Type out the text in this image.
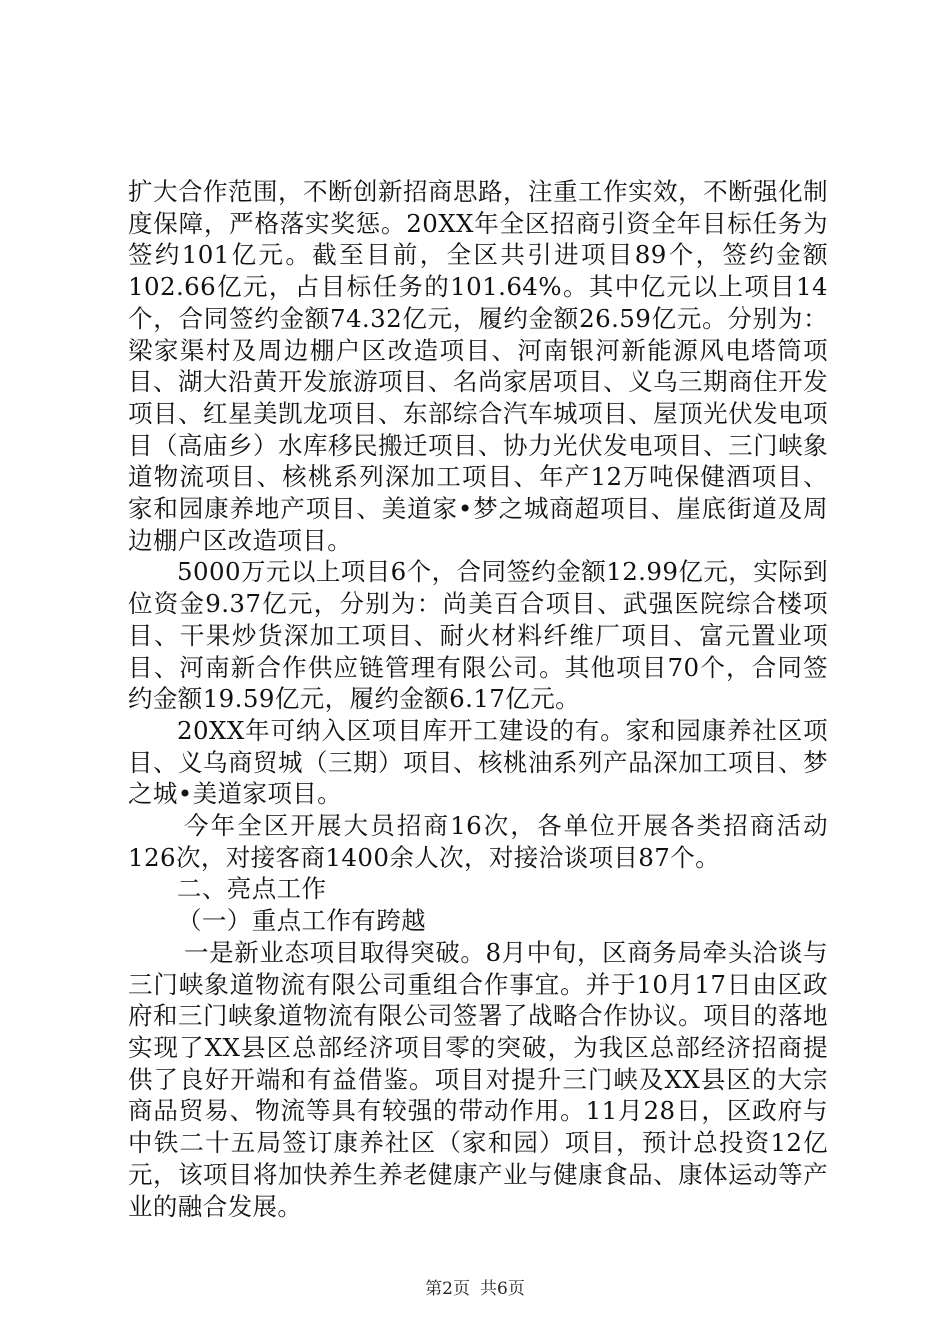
扩大合作范围，不断创新招商思路，注重工作实效，不断强化制度保障，严格落实奖惩。20XX年全区招商引资全年目标任务为签约101亿元。截至目前，全区共引进项目89个，签约金额102.66亿元，占目标任务的101.64%。其中亿元以上项目14个，合同签约金额74.32亿元，履约金额26.59亿元。分别为：梁家渠村及周边棚户区改造项目、河南银河新能源风电塔筒项目、湖大沿黄开发旅游项目、名尚家居项目、义乌三期商住开发项目、红星美凯龙项目、东部综合汽车城项目、屋顶光伏发电项目（高庙乡）水库移民搬迁项目、协力光伏发电项目、三门峡象道物流项目、核桃系列深加工项目、年产12万吨保健酒项目、家和园康养地产项目、美道家•梦之城商超项目、崖底街道及周边棚户区改造项目。

5000万元以上项目6个，合同签约金额12.99亿元，实际到位资金9.37亿元，分别为：尚美百合项目、武强医院综合楼项目、干果炒货深加工项目、耐火材料纤维厂项目、富元置业项目、河南新合作供应链管理有限公司。其他项目70个，合同签约金额19.59亿元，履约金额6.17亿元。

20XX年可纳入区项目库开工建设的有。家和园康养社区项目、义乌商贸城（三期）项目、核桃油系列产品深加工项目、梦之城•美道家项目。

今年全区开展大员招商16次，各单位开展各类招商活动126次，对接客商1400余人次，对接洽谈项目87个。

二、亮点工作

（一）重点工作有跨越

一是新业态项目取得突破。8月中旬，区商务局牵头洽谈与三门峡象道物流有限公司重组合作事宜。并于10月17日由区政府和三门峡象道物流有限公司签署了战略合作协议。项目的落地实现了XX县区总部经济项目零的突破，为我区总部经济招商提供了良好开端和有益借鉴。项目对提升三门峡及XX县区的大宗商品贸易、物流等具有较强的带动作用。11月28日，区政府与中铁二十五局签订康养社区（家和园）项目，预计总投资12亿元，该项目将加快养生养老健康产业与健康食品、康体运动等产业的融合发展。

第2页 共6页
